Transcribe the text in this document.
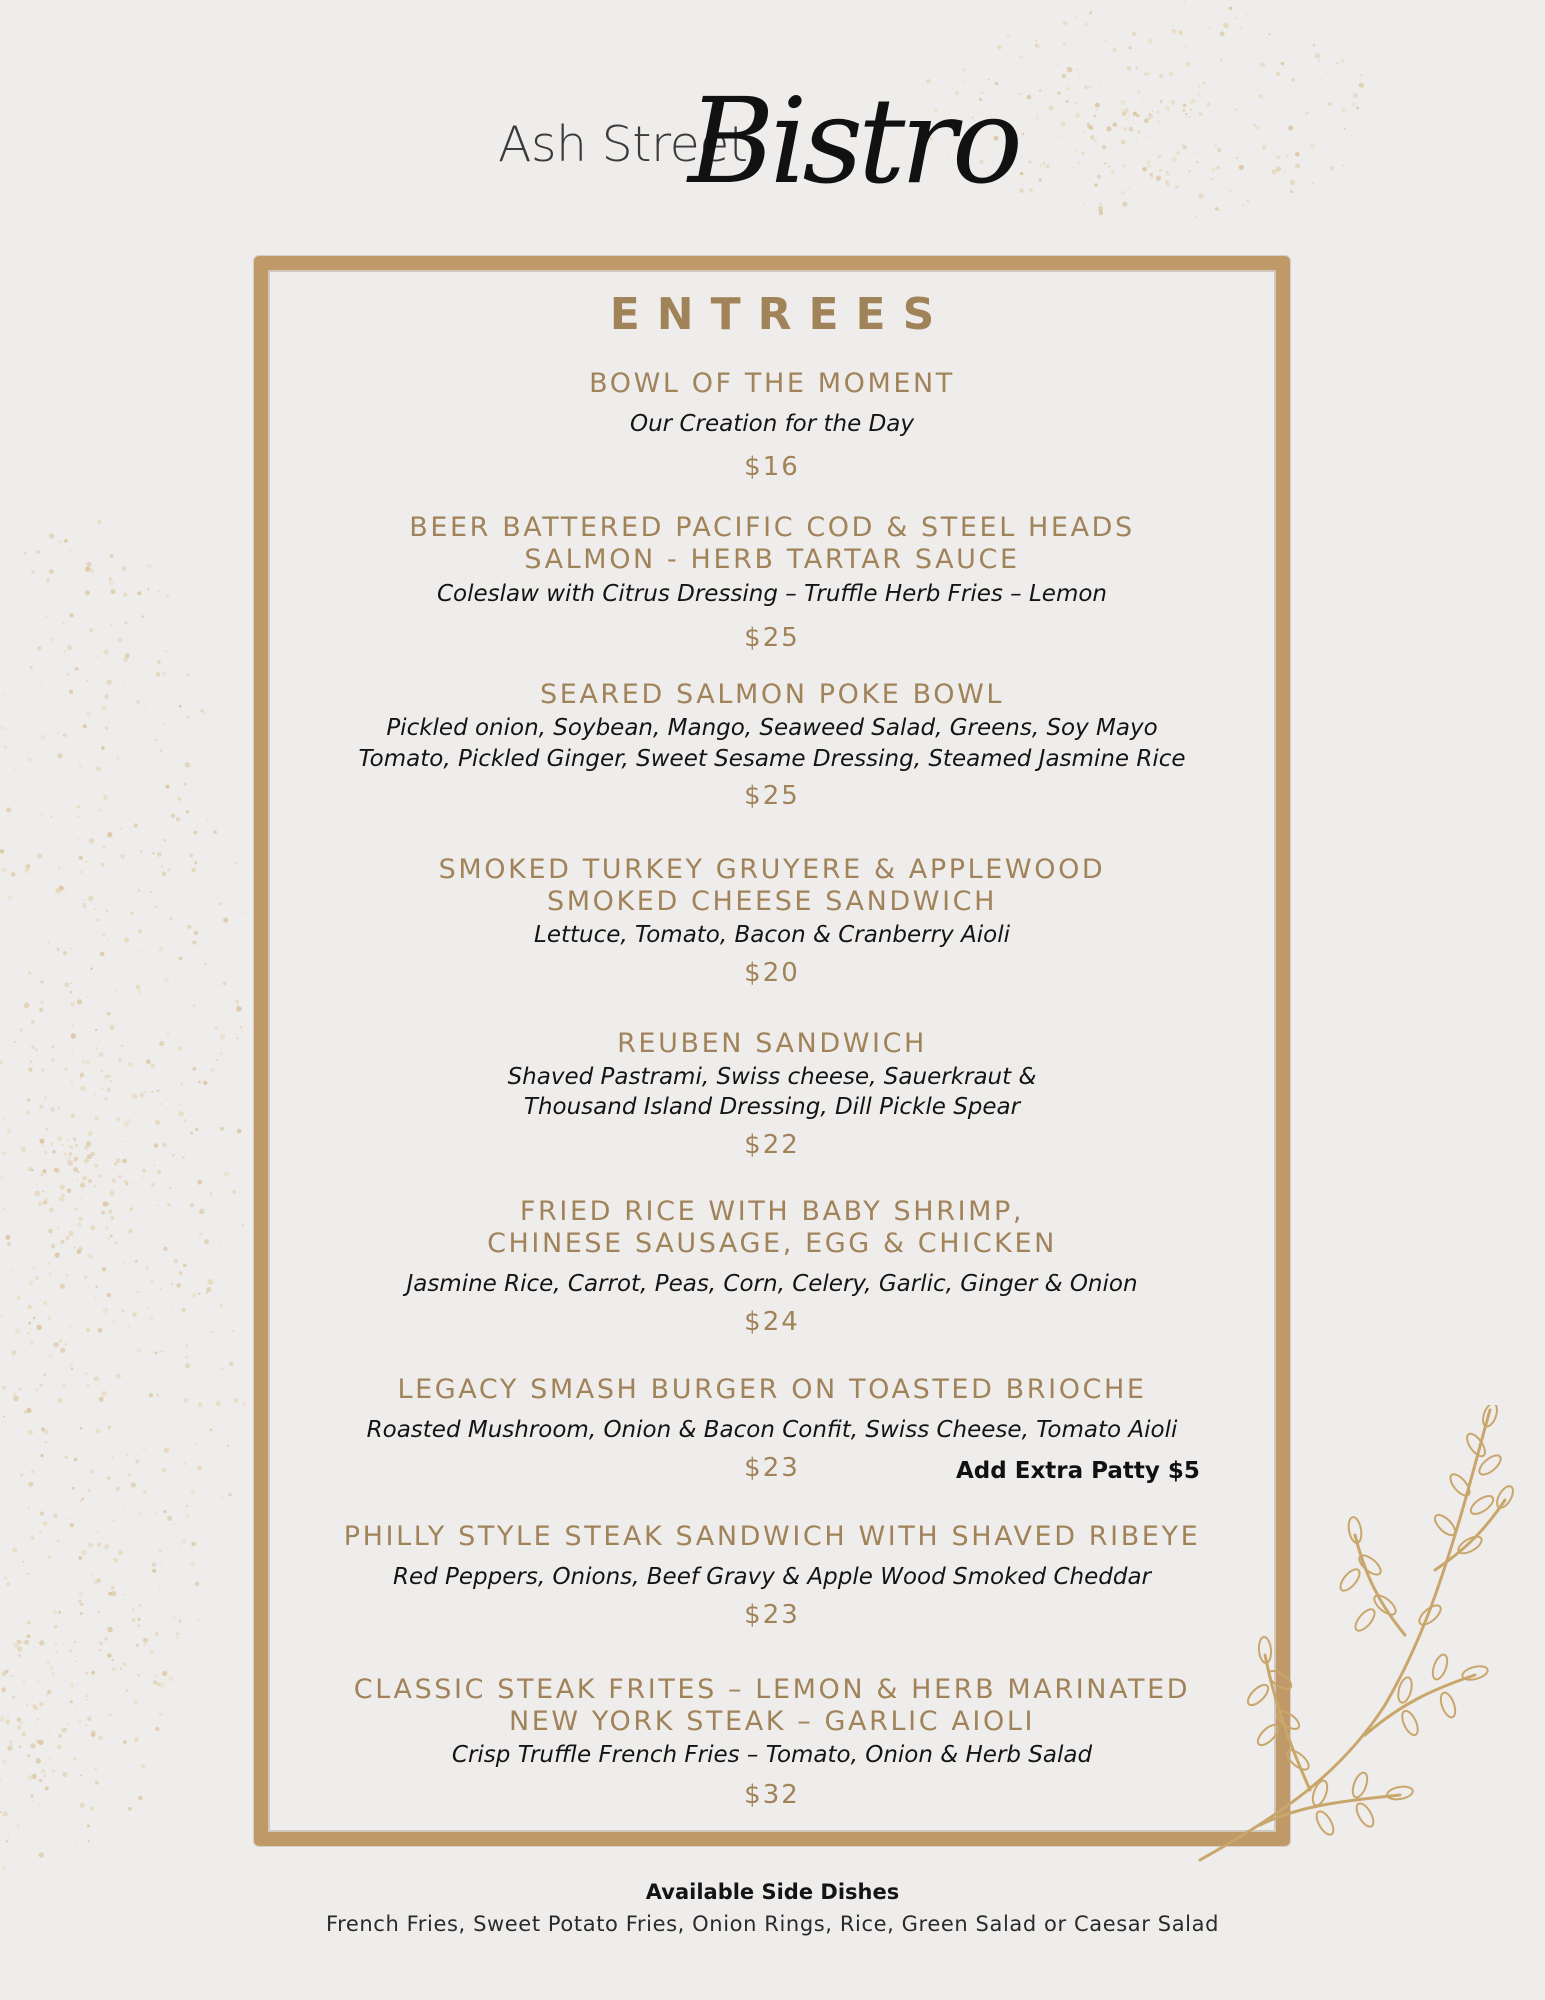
Ash Street
Bistro
ENTREES

BOWL OF THE MOMENT

Our Creation for the Day

$16

BEER BATTERED PACIFIC COD & STEEL HEADS

SALMON - HERB TARTAR SAUCE

Coleslaw with Citrus Dressing – Truffle Herb Fries – Lemon

$25

SEARED SALMON POKE BOWL

Pickled onion, Soybean, Mango, Seaweed Salad, Greens, Soy Mayo

Tomato, Pickled Ginger, Sweet Sesame Dressing, Steamed Jasmine Rice

$25

SMOKED TURKEY GRUYERE & APPLEWOOD

SMOKED CHEESE SANDWICH

Lettuce, Tomato, Bacon & Cranberry Aioli

$20

REUBEN SANDWICH

Shaved Pastrami, Swiss cheese, Sauerkraut &

Thousand Island Dressing, Dill Pickle Spear

$22

FRIED RICE WITH BABY SHRIMP,

CHINESE SAUSAGE, EGG & CHICKEN

Jasmine Rice, Carrot, Peas, Corn, Celery, Garlic, Ginger & Onion

$24

LEGACY SMASH BURGER ON TOASTED BRIOCHE

Roasted Mushroom, Onion & Bacon Confit, Swiss Cheese, Tomato Aioli

$23	Add Extra Patty $5

PHILLY STYLE STEAK SANDWICH WITH SHAVED RIBEYE

Red Peppers, Onions, Beef Gravy & Apple Wood Smoked Cheddar

$23

CLASSIC STEAK FRITES – LEMON & HERB MARINATED

NEW YORK STEAK – GARLIC AIOLI

Crisp Truffle French Fries – Tomato, Onion & Herb Salad

$32

Available Side Dishes
French Fries, Sweet Potato Fries, Onion Rings, Rice, Green Salad or Caesar Salad
